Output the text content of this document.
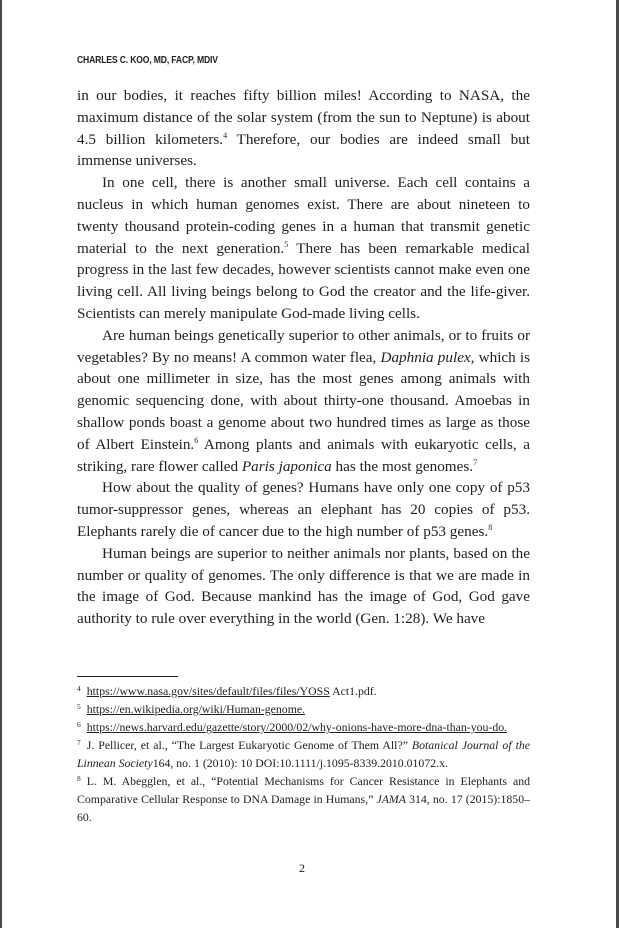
CHARLES C. KOO, MD, FACP, MDIV

in our bodies, it reaches fifty billion miles! According to NASA, the maximum distance of the solar system (from the sun to Neptune) is about 4.5 billion kilometers.$^4$ Therefore, our bodies are indeed small but immense universes.

In one cell, there is another small universe. Each cell contains a nucleus in which human genomes exist. There are about nineteen to twenty thousand protein-coding genes in a human that transmit genetic material to the next generation.$^5$ There has been remarkable medical progress in the last few decades, however scientists cannot make even one living cell. All living beings belong to God the creator and the life-giver. Scientists can merely manipulate God-made living cells.

Are human beings genetically superior to other animals, or to fruits or vegetables? By no means! A common water flea, Daphnia pulex, which is about one millimeter in size, has the most genes among animals with genomic sequencing done, with about thirty-one thousand. Amoebas in shallow ponds boast a genome about two hundred times as large as those of Albert Einstein.$^6$ Among plants and animals with eukaryotic cells, a striking, rare flower called Paris japonica has the most genomes.$^7$

How about the quality of genes? Humans have only one copy of p53 tumor-suppressor genes, whereas an elephant has 20 copies of p53. Elephants rarely die of cancer due to the high number of p53 genes.$^8$

Human beings are superior to neither animals nor plants, based on the number or quality of genomes. The only difference is that we are made in the image of God. Because mankind has the image of God, God gave authority to rule over everything in the world (Gen. 1:28). We have

$^4$ https://www.nasa.gov/sites/default/files/files/YOSS Act1.pdf.

$^5$ https://en.wikipedia.org/wiki/Human-genome.

$^6$ https://news.harvard.edu/gazette/story/2000/02/why-onions-have-more-dna-than-you-do.

$^7$ J. Pellicer, et al., “The Largest Eukaryotic Genome of Them All?” Botanical Journal of the Linnean Society164, no. 1 (2010): 10 DOI:10.1111/j.1095-8339.2010.01072.x.

$^8$ L. M. Abegglen, et al., “Potential Mechanisms for Cancer Resistance in Elephants and Comparative Cellular Response to DNA Damage in Humans,” JAMA 314, no. 17 (2015):1850–60.

2
